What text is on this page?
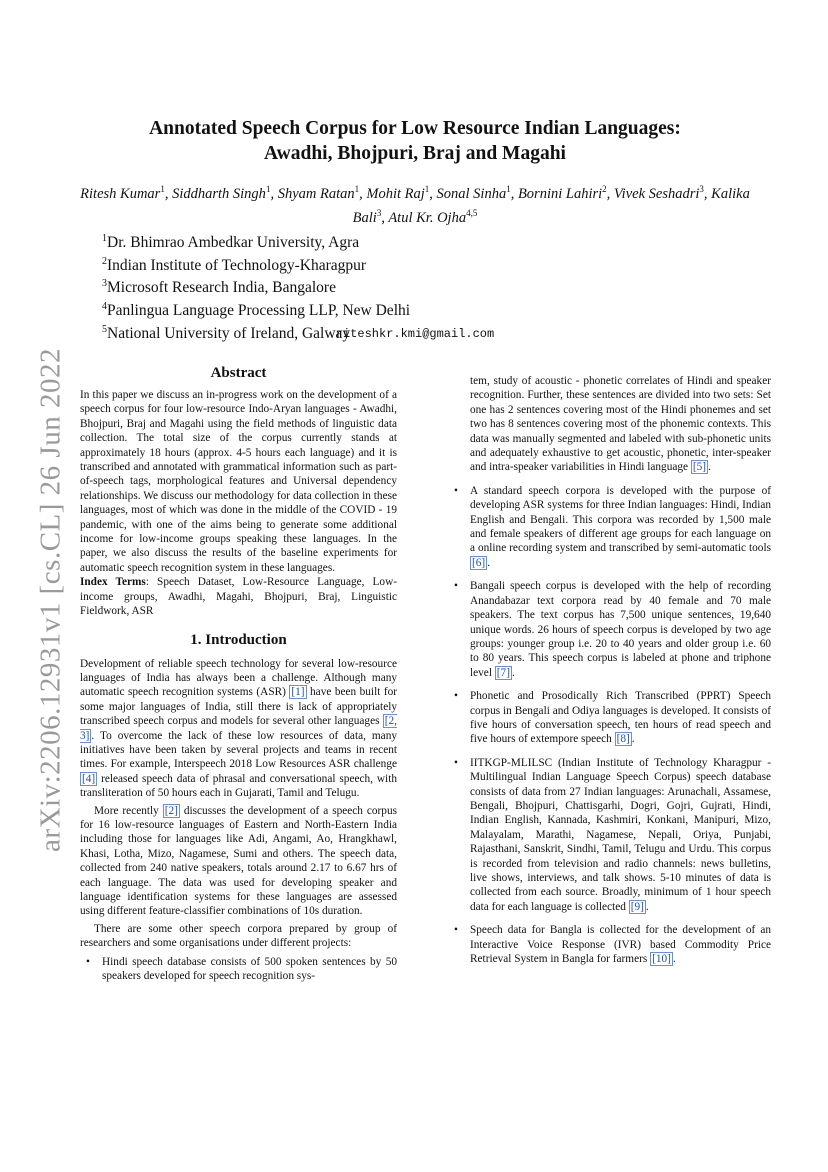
arXiv:2206.12931v1 [cs.CL] 26 Jun 2022
Annotated Speech Corpus for Low Resource Indian Languages:
Awadhi, Bhojpuri, Braj and Magahi
Ritesh Kumar$^1$, Siddharth Singh$^1$, Shyam Ratan$^1$, Mohit Raj$^1$, Sonal Sinha$^1$, Bornini Lahiri$^2$, Vivek Seshadri$^3$, Kalika Bali$^3$, Atul Kr. Ojha$^{4,5}$
$^1$Dr. Bhimrao Ambedkar University, Agra
$^2$Indian Institute of Technology-Kharagpur
$^3$Microsoft Research India, Bangalore
$^4$Panlingua Language Processing LLP, New Delhi
$^5$National University of Ireland, Galway
riteshkr.kmi@gmail.com
Abstract

In this paper we discuss an in-progress work on the development of a speech corpus for four low-resource Indo-Aryan languages - Awadhi, Bhojpuri, Braj and Magahi using the field methods of linguistic data collection. The total size of the corpus currently stands at approximately 18 hours (approx. 4-5 hours each language) and it is transcribed and annotated with grammatical information such as part-of-speech tags, morphological features and Universal dependency relationships. We discuss our methodology for data collection in these languages, most of which was done in the middle of the COVID - 19 pandemic, with one of the aims being to generate some additional income for low-income groups speaking these languages. In the paper, we also discuss the results of the baseline experiments for automatic speech recognition system in these languages.

Index Terms: Speech Dataset, Low-Resource Language, Low-income groups, Awadhi, Magahi, Bhojpuri, Braj, Linguistic Fieldwork, ASR

1. Introduction

Development of reliable speech technology for several low-resource languages of India has always been a challenge. Although many automatic speech recognition systems (ASR) [1] have been built for some major languages of India, still there is lack of appropriately transcribed speech corpus and models for several other languages [2, 3] . To overcome the lack of these low resources of data, many initiatives have been taken by several projects and teams in recent times. For example, Interspeech 2018 Low Resources ASR challenge [4] released speech data of phrasal and conversational speech, with transliteration of 50 hours each in Gujarati, Tamil and Telugu.

More recently [2] discusses the development of a speech corpus for 16 low-resource languages of Eastern and North-Eastern India including those for languages like Adi, Angami, Ao, Hrangkhawl, Khasi, Lotha, Mizo, Nagamese, Sumi and others. The speech data, collected from 240 native speakers, totals around 2.17 to 6.67 hrs of each language. The data was used for developing speaker and language identification systems for these languages are assessed using different feature-classifier combinations of 10s duration.

There are some other speech corpora prepared by group of researchers and some organisations under different projects:

• Hindi speech database consists of 500 spoken sentences by 50 speakers developed for speech recognition sys-
tem, study of acoustic - phonetic correlates of Hindi and speaker recognition. Further, these sentences are divided into two sets: Set one has 2 sentences covering most of the Hindi phonemes and set two has 8 sentences covering most of the phonemic contexts. This data was manually segmented and labeled with sub-phonetic units and adequately exhaustive to get acoustic, phonetic, inter-speaker and intra-speaker variabilities in Hindi language [5] .
• A standard speech corpora is developed with the purpose of developing ASR systems for three Indian languages: Hindi, Indian English and Bengali. This corpora was recorded by 1,500 male and female speakers of different age groups for each language on a online recording system and transcribed by semi-automatic tools [6] .
• Bangali speech corpus is developed with the help of recording Anandabazar text corpora read by 40 female and 70 male speakers. The text corpus has 7,500 unique sentences, 19,640 unique words. 26 hours of speech corpus is developed by two age groups: younger group i.e. 20 to 40 years and older group i.e. 60 to 80 years. This speech corpus is labeled at phone and triphone level [7] .
• Phonetic and Prosodically Rich Transcribed (PPRT) Speech corpus in Bengali and Odiya languages is developed. It consists of five hours of conversation speech, ten hours of read speech and five hours of extempore speech [8] .
• IITKGP-MLILSC (Indian Institute of Technology Kharagpur - Multilingual Indian Language Speech Corpus) speech database consists of data from 27 Indian languages: Arunachali, Assamese, Bengali, Bhojpuri, Chattisgarhi, Dogri, Gojri, Gujrati, Hindi, Indian English, Kannada, Kashmiri, Konkani, Manipuri, Mizo, Malayalam, Marathi, Nagamese, Nepali, Oriya, Punjabi, Rajasthani, Sanskrit, Sindhi, Tamil, Telugu and Urdu. This corpus is recorded from television and radio channels: news bulletins, live shows, interviews, and talk shows. 5-10 minutes of data is collected from each source. Broadly, minimum of 1 hour speech data for each language is collected [9] .
• Speech data for Bangla is collected for the development of an Interactive Voice Response (IVR) based Commodity Price Retrieval System in Bangla for farmers [10] .
